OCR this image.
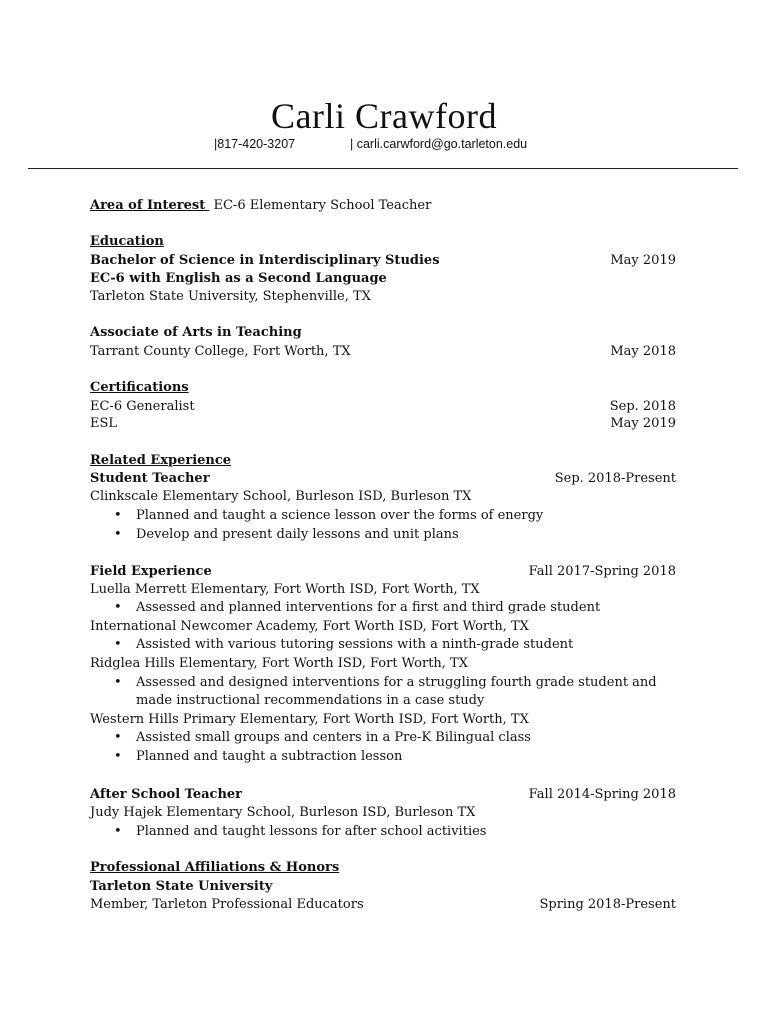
Carli Crawford
|817-420-3207	| carli.carwford@go.tarleton.edu
Area of Interest EC-6 Elementary School Teacher
Education
Bachelor of Science in Interdisciplinary Studies	May 2019
EC-6 with English as a Second Language
Tarleton State University, Stephenville, TX
Associate of Arts in Teaching
Tarrant County College, Fort Worth, TX	May 2018
Certifications
EC-6 Generalist	Sep. 2018
ESL	May 2019
Related Experience
Student Teacher	Sep. 2018-Present
Clinkscale Elementary School, Burleson ISD, Burleson TX
• Planned and taught a science lesson over the forms of energy
• Develop and present daily lessons and unit plans
Field Experience	Fall 2017-Spring 2018
Luella Merrett Elementary, Fort Worth ISD, Fort Worth, TX
• Assessed and planned interventions for a first and third grade student
International Newcomer Academy, Fort Worth ISD, Fort Worth, TX
• Assisted with various tutoring sessions with a ninth-grade student
Ridglea Hills Elementary, Fort Worth ISD, Fort Worth, TX
• Assessed and designed interventions for a struggling fourth grade student and made instructional recommendations in a case study
Western Hills Primary Elementary, Fort Worth ISD, Fort Worth, TX
• Assisted small groups and centers in a Pre-K Bilingual class
• Planned and taught a subtraction lesson
After School Teacher	Fall 2014-Spring 2018
Judy Hajek Elementary School, Burleson ISD, Burleson TX
• Planned and taught lessons for after school activities
Professional Affiliations & Honors
Tarleton State University
Member, Tarleton Professional Educators	Spring 2018-Present
